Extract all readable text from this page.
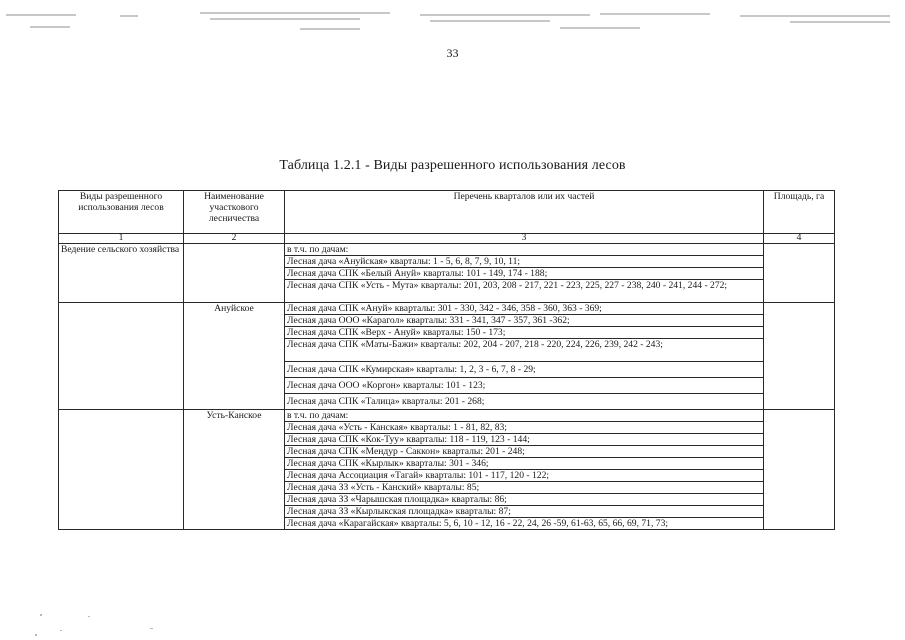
33
Таблица 1.2.1 - Виды разрешенного использования лесов
Виды разрешенного использования лесов	Наименование участкового лесничества	Перечень кварталов или их частей	Площадь, га
1	2	3	4
Ведение сельского хозяйства		в т.ч. по дачам:	
		Лесная дача «Ануйская» кварталы: 1 - 5, 6, 8, 7, 9, 10, 11;	
		Лесная дача СПК «Белый Ануй» кварталы: 101 - 149, 174 - 188;	
		Лесная дача СПК «Усть - Мута» кварталы: 201, 203, 208 - 217, 221 - 223, 225, 227 - 238, 240 - 241, 244 - 272;	
	Ануйское	Лесная дача СПК «Ануй» кварталы: 301 - 330, 342 - 346, 358 - 360, 363 - 369;	
		Лесная дача ООО «Карагол» кварталы: 331 - 341, 347 - 357, 361 -362;	
		Лесная дача СПК «Верх - Ануй» кварталы: 150 - 173;	
		Лесная дача СПК «Маты-Бажи» кварталы: 202, 204 - 207, 218 - 220, 224, 226, 239, 242 - 243;	
		Лесная дача СПК «Кумирская» кварталы: 1, 2, 3 - 6, 7, 8 - 29;	
		Лесная дача ООО «Коргон» кварталы: 101 - 123;	
		Лесная дача СПК «Талица» кварталы: 201 - 268;	
	Усть-Канское	в т.ч. по дачам:	
		Лесная дача «Усть - Канская» кварталы: 1 - 81, 82, 83;	
		Лесная дача СПК «Кок-Туу» кварталы: 118 - 119, 123 - 144;	
		Лесная дача СПК «Мендур - Саккон» кварталы: 201 - 248;	
		Лесная дача СПК «Кырлык» кварталы: 301 - 346;	
		Лесная дача Ассоциация «Тагай» кварталы: 101 - 117, 120 - 122;	
		Лесная дача ЗЗ «Усть - Канский» кварталы: 85;	
		Лесная дача ЗЗ «Чарышская площадка» кварталы: 86;	
		Лесная дача ЗЗ «Кырлыкская площадка» кварталы: 87;	
		Лесная дача «Карагайская» кварталы: 5, 6, 10 - 12, 16 - 22, 24, 26 -59, 61-63, 65, 66, 69, 71, 73;	
